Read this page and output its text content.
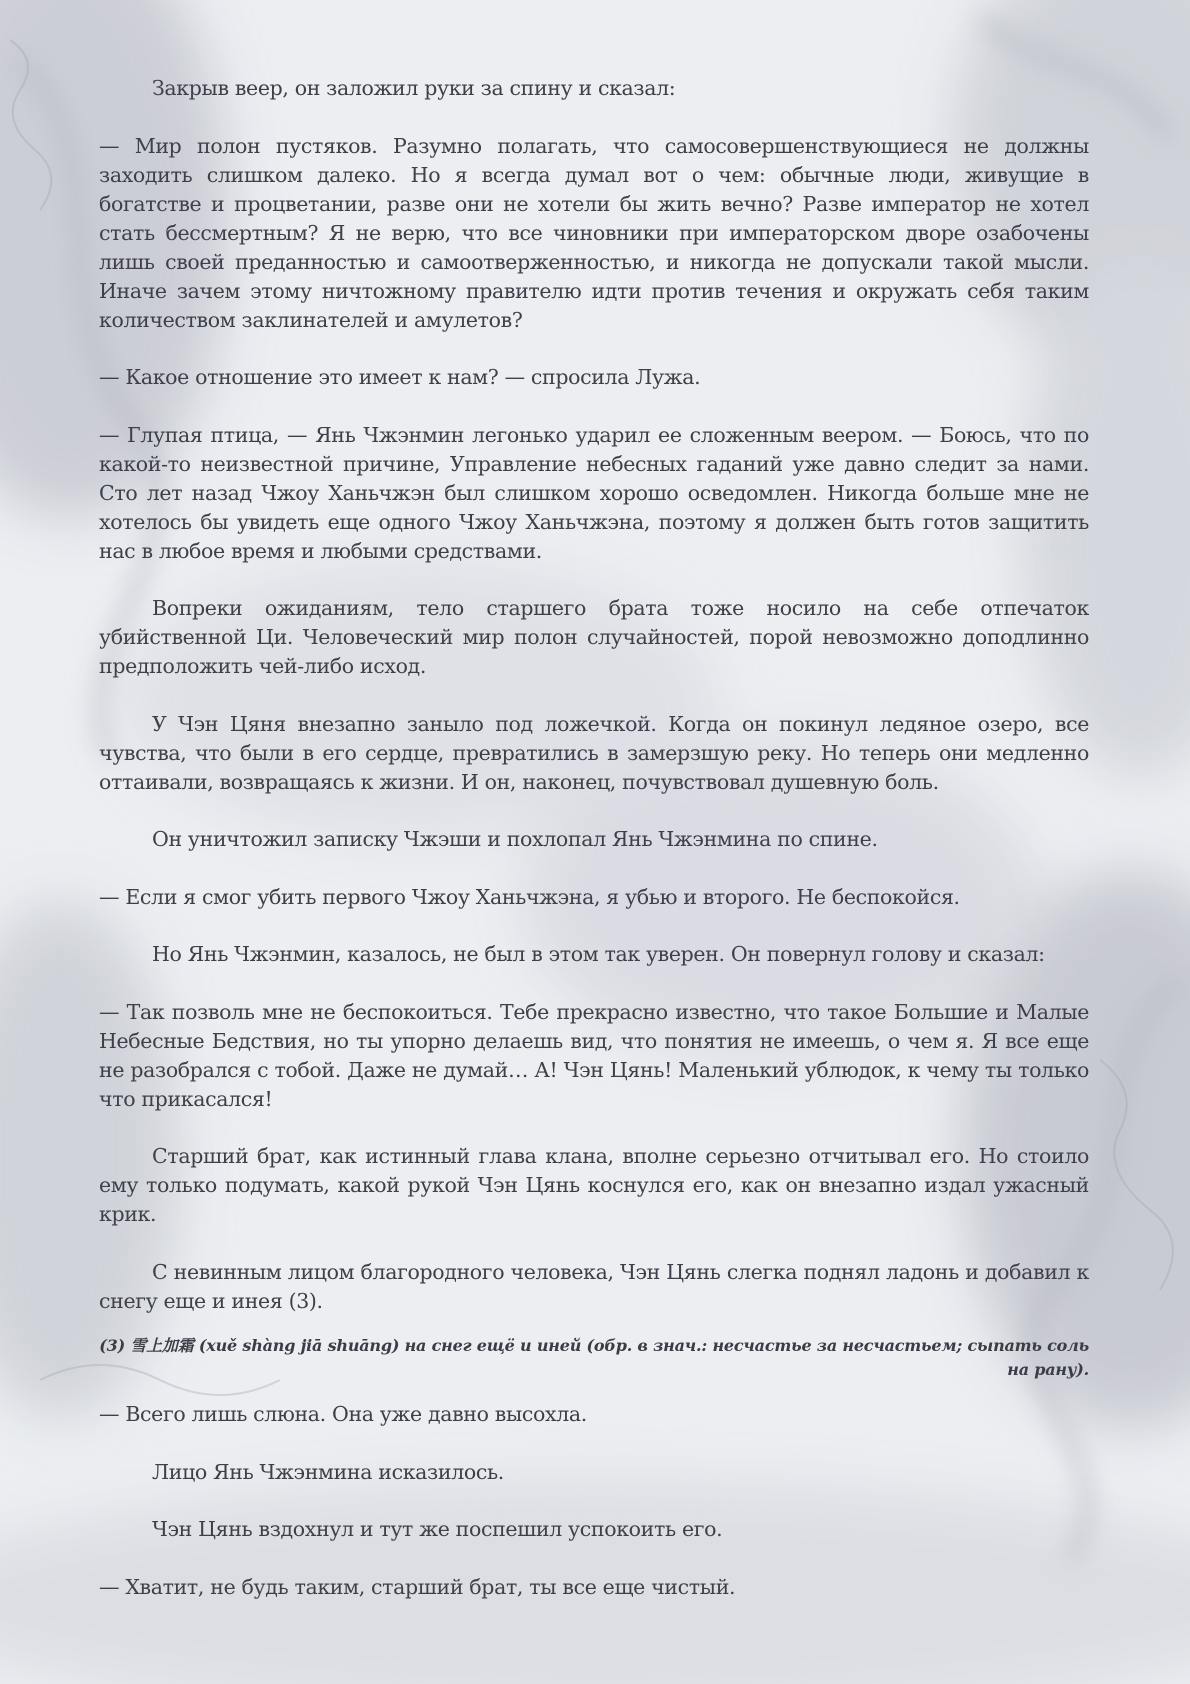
Закрыв веер, он заложил руки за спину и сказал:

— Мир полон пустяков. Разумно полагать, что самосовершенствующиеся не должны заходить слишком далеко. Но я всегда думал вот о чем: обычные люди, живущие в богатстве и процветании, разве они не хотели бы жить вечно? Разве император не хотел стать бессмертным? Я не верю, что все чиновники при императорском дворе озабочены лишь своей преданностью и самоотверженностью, и никогда не допускали такой мысли. Иначе зачем этому ничтожному правителю идти против течения и окружать себя таким количеством заклинателей и амулетов?

— Какое отношение это имеет к нам? — спросила Лужа.

— Глупая птица, — Янь Чжэнмин легонько ударил ее сложенным веером. — Боюсь, что по какой-то неизвестной причине, Управление небесных гаданий уже давно следит за нами. Сто лет назад Чжоу Ханьчжэн был слишком хорошо осведомлен. Никогда больше мне не хотелось бы увидеть еще одного Чжоу Ханьчжэна, поэтому я должен быть готов защитить нас в любое время и любыми средствами.

Вопреки ожиданиям, тело старшего брата тоже носило на себе отпечаток убийственной Ци. Человеческий мир полон случайностей, порой невозможно доподлинно предположить чей-либо исход.

У Чэн Цяня внезапно заныло под ложечкой. Когда он покинул ледяное озеро, все чувства, что были в его сердце, превратились в замерзшую реку. Но теперь они медленно оттаивали, возвращаясь к жизни. И он, наконец, почувствовал душевную боль.

Он уничтожил записку Чжэши и похлопал Янь Чжэнмина по спине.

— Если я смог убить первого Чжоу Ханьчжэна, я убью и второго. Не беспокойся.

Но Янь Чжэнмин, казалось, не был в этом так уверен. Он повернул голову и сказал:

— Так позволь мне не беспокоиться. Тебе прекрасно известно, что такое Большие и Малые Небесные Бедствия, но ты упорно делаешь вид, что понятия не имеешь, о чем я. Я все еще не разобрался с тобой. Даже не думай… А! Чэн Цянь! Маленький ублюдок, к чему ты только что прикасался!

Старший брат, как истинный глава клана, вполне серьезно отчитывал его. Но стоило ему только подумать, какой рукой Чэн Цянь коснулся его, как он внезапно издал ужасный крик.

С невинным лицом благородного человека, Чэн Цянь слегка поднял ладонь и добавил к снегу еще и инея (3).

(3) 雪上加霜 (xuě shàng jiā shuāng) на снег ещё и иней (обр. в знач.: несчастье за несчастьем; сыпать соль на рану).

— Всего лишь слюна. Она уже давно высохла.

Лицо Янь Чжэнмина исказилось.

Чэн Цянь вздохнул и тут же поспешил успокоить его.

— Хватит, не будь таким, старший брат, ты все еще чистый.
